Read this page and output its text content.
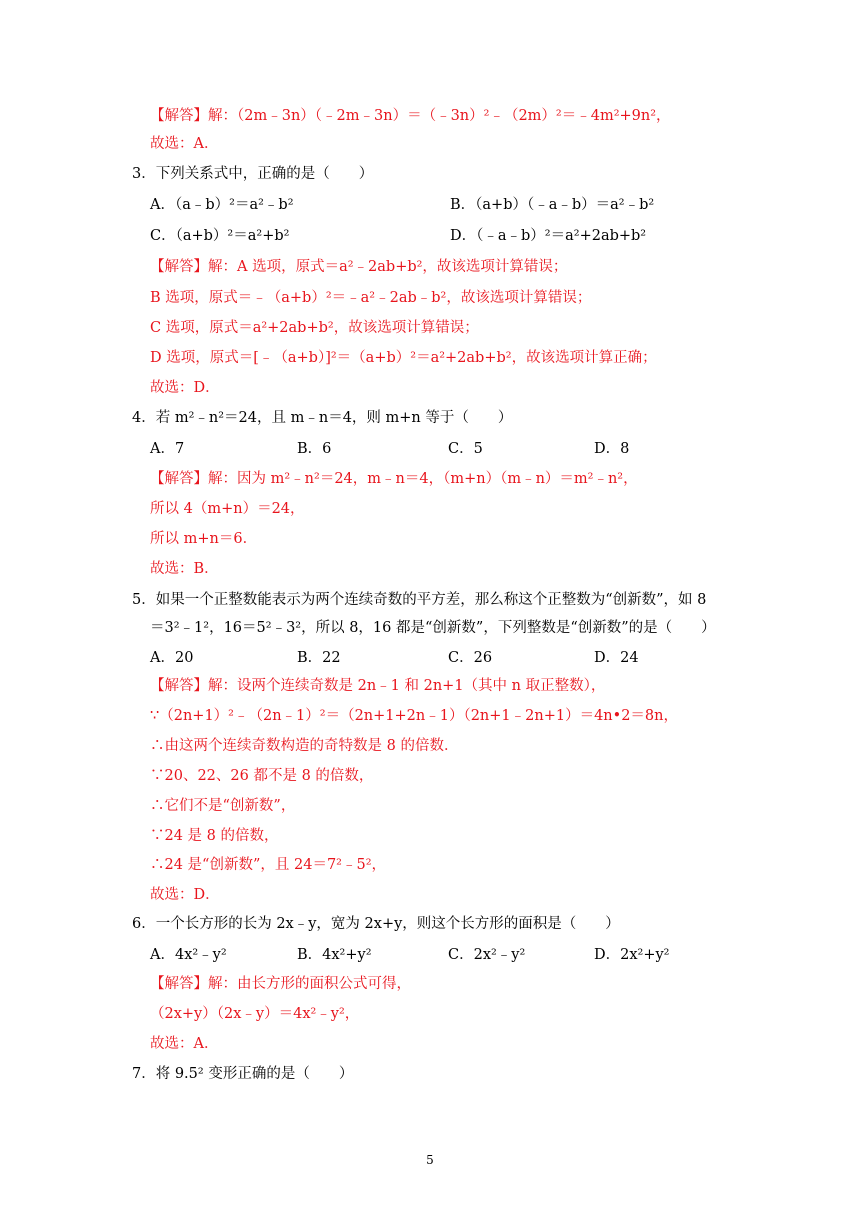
【解答】解：（2m﹣3n）（﹣2m﹣3n）＝（﹣3n）²﹣（2m）²＝﹣4m²+9n²，
故选：A．
3．下列关系式中，正确的是（　　）
A．（a﹣b）²＝a²﹣b²	B．（a+b）（﹣a﹣b）＝a²﹣b²
C．（a+b）²＝a²+b²	D．（﹣a﹣b）²＝a²+2ab+b²
【解答】解：A 选项，原式＝a²﹣2ab+b²，故该选项计算错误；
B 选项，原式＝﹣（a+b）²＝﹣a²﹣2ab﹣b²，故该选项计算错误；
C 选项，原式＝a²+2ab+b²，故该选项计算错误；
D 选项，原式＝[﹣（a+b）]²＝（a+b）²＝a²+2ab+b²，故该选项计算正确；
故选：D．
4．若 m²﹣n²＝24，且 m﹣n＝4，则 m+n 等于（　　）
A．7	B．6	C．5	D．8
【解答】解：因为 m²﹣n²＝24，m﹣n＝4，（m+n）（m﹣n）＝m²﹣n²，
所以 4（m+n）＝24，
所以 m+n＝6．
故选：B．
5．如果一个正整数能表示为两个连续奇数的平方差，那么称这个正整数为“创新数”，如 8
＝3²﹣1²，16＝5²﹣3²，所以 8，16 都是“创新数”，下列整数是“创新数”的是（　　）
A．20	B．22	C．26	D．24
【解答】解：设两个连续奇数是 2n﹣1 和 2n+1（其中 n 取正整数），
∵（2n+1）²﹣（2n﹣1）²＝（2n+1+2n﹣1）（2n+1﹣2n+1）＝4n•2＝8n，
∴由这两个连续奇数构造的奇特数是 8 的倍数．
∵20、22、26 都不是 8 的倍数，
∴它们不是“创新数”，
∵24 是 8 的倍数，
∴24 是“创新数”，且 24＝7²﹣5²，
故选：D．
6．一个长方形的长为 2x﹣y，宽为 2x+y，则这个长方形的面积是（　　）
A．4x²﹣y²	B．4x²+y²	C．2x²﹣y²	D．2x²+y²
【解答】解：由长方形的面积公式可得，
（2x+y）（2x﹣y）＝4x²﹣y²，
故选：A．
7．将 9.5² 变形正确的是（　　）
5
